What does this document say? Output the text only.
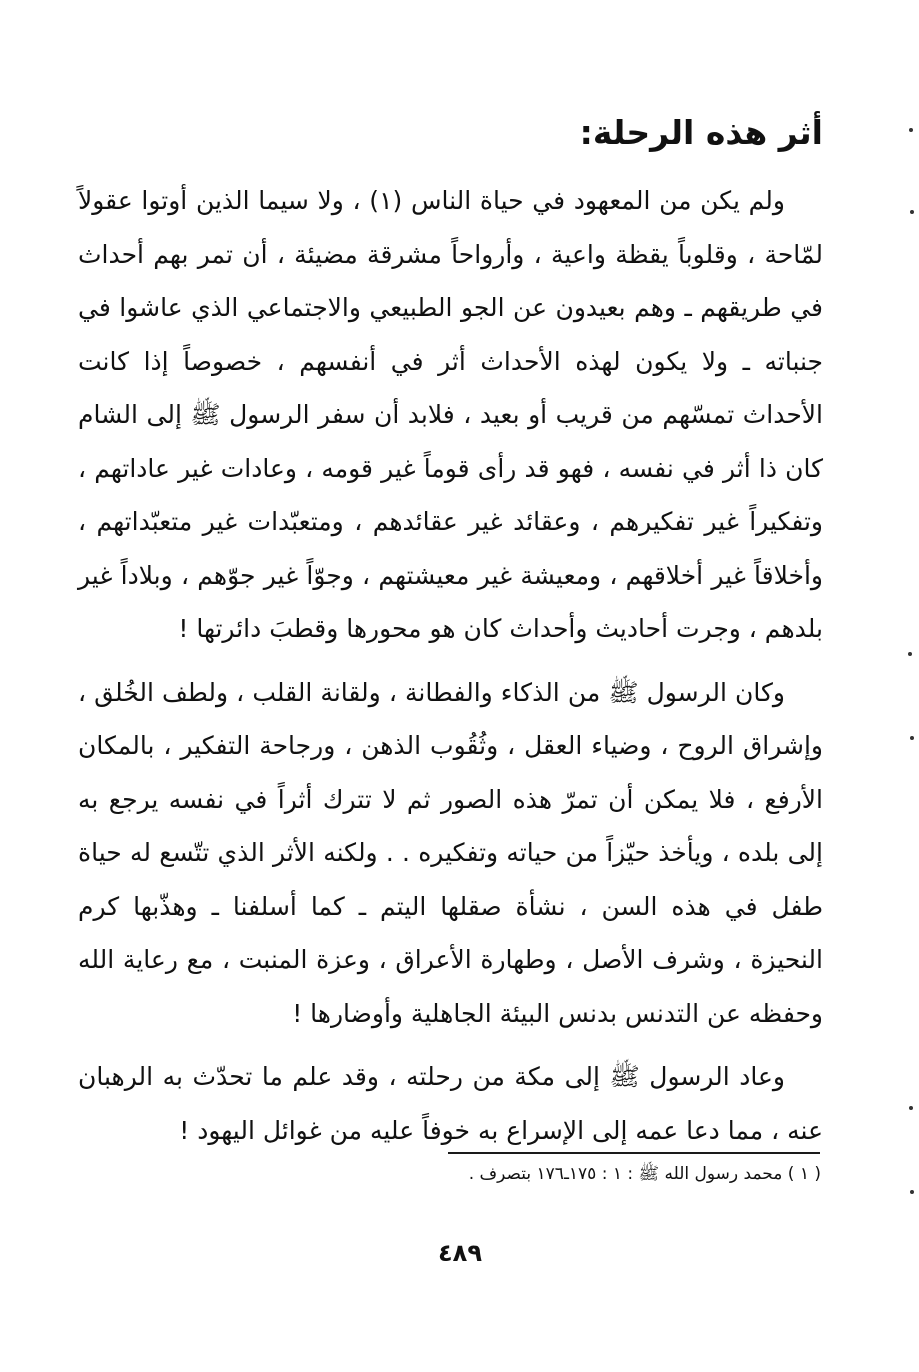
أثر هذه الرحلة:

ولم يكن من المعهود في حياة الناس (١) ، ولا سيما الذين أوتوا عقولاً لمّاحة ، وقلوباً يقظة واعية ، وأرواحاً مشرقة مضيئة ، أن تمر بهم أحداث في طريقهم ـ وهم بعيدون عن الجو الطبيعي والاجتماعي الذي عاشوا في جنباته ـ ولا يكون لهذه الأحداث أثر في أنفسهم ، خصوصاً إذا كانت الأحداث تمسّهم من قريب أو بعيد ، فلابد أن سفر الرسول ﷺ إلى الشام كان ذا أثر في نفسه ، فهو قد رأى قوماً غير قومه ، وعادات غير عاداتهم ، وتفكيراً غير تفكيرهم ، وعقائد غير عقائدهم ، ومتعبّدات غير متعبّداتهم ، وأخلاقاً غير أخلاقهم ، ومعيشة غير معيشتهم ، وجوّاً غير جوّهم ، وبلاداً غير بلدهم ، وجرت أحاديث وأحداث كان هو محورها وقطبَ دائرتها !

وكان الرسول ﷺ من الذكاء والفطانة ، ولقانة القلب ، ولطف الخُلق ، وإشراق الروح ، وضياء العقل ، وثُقُوب الذهن ، ورجاحة التفكير ، بالمكان الأرفع ، فلا يمكن أن تمرّ هذه الصور ثم لا تترك أثراً في نفسه يرجع به إلى بلده ، ويأخذ حيّزاً من حياته وتفكيره . . ولكنه الأثر الذي تتّسع له حياة طفل في هذه السن ، نشأة صقلها اليتم ـ كما أسلفنا ـ وهذّبها كرم النحيزة ، وشرف الأصل ، وطهارة الأعراق ، وعزة المنبت ، مع رعاية الله وحفظه عن التدنس بدنس البيئة الجاهلية وأوضارها !

وعاد الرسول ﷺ إلى مكة من رحلته ، وقد علم ما تحدّث به الرهبان عنه ، مما دعا عمه إلى الإسراع به خوفاً عليه من غوائل اليهود !

( ١ ) محمد رسول الله ﷺ : ١ : ١٧٥ـ١٧٦ بتصرف .
٤٨٩
